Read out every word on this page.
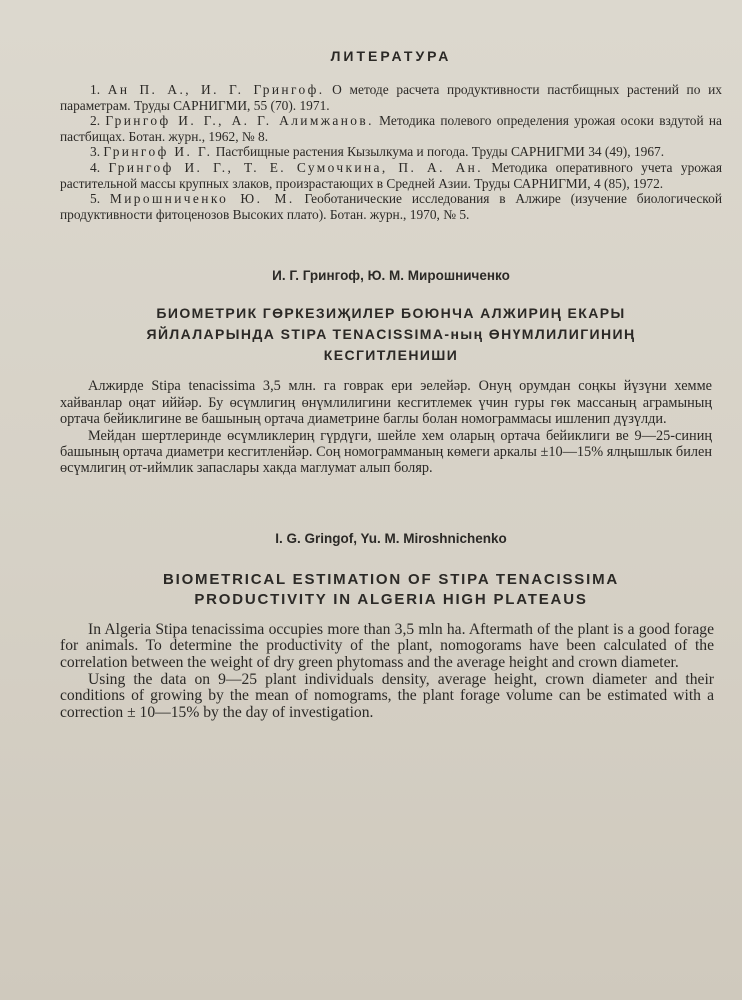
ЛИТЕРАТУРА
1. Ан П. А., И. Г. Грингоф. О методе расчета продуктивности пастбищных растений по их параметрам. Труды САРНИГМИ, 55 (70). 1971.
2. Грингоф И. Г., А. Г. Алимжанов. Методика полевого определения урожая осоки вздутой на пастбищах. Ботан. журн., 1962, № 8.
3. Грингоф И. Г. Пастбищные растения Кызылкума и погода. Труды САРНИГМИ 34 (49), 1967.
4. Грингоф И. Г., Т. Е. Сумочкина, П. А. Ан. Методика оперативного учета урожая растительной массы крупных злаков, произрастающих в Средней Азии. Труды САРНИГМИ, 4 (85), 1972.
5. Мирошниченко Ю. М. Геоботанические исследования в Алжире (изучение биологической продуктивности фитоценозов Высоких плато). Ботан. журн., 1970, № 5.

И. Г. Грингоф, Ю. М. Мирошниченко

БИОМЕТРИК ГӨРКЕЗИҖИЛЕР БОЮНЧА АЛЖИРИҢ ЕКАРЫ
ЯЙЛАЛАРЫНДА STIPA TENACISSIMA-ның ӨНҮМЛИЛИГИНИҢ
КЕСГИТЛЕНИШИ

Алжирде Stipa tenacissima 3,5 млн. га говрак ери эелейәр. Онуң орумдан соңкы йүзүни хемме хайванлар оңат иййәр. Бу өсүмлигиң өнүмлилигини кесгитлемек үчин гуры гөк массаның аграмының ортача бейиклигине ве башының ортача диаметрине баглы болан номограммасы ишленип дүзүлди.

Мейдан шертлеринде өсүмликлериң гүрдүги, шейле хем оларың ортача бейиклиги ве 9—25-синиң башының ортача диаметри кесгитленйәр. Соң номограмманың көмеги аркалы ±10—15% ялңышлык билен өсүмлигиң от-иймлик запаслары хакда маглумат алып боляр.

I. G. Gringof, Yu. M. Miroshnichenko

BIOMETRICAL ESTIMATION OF STIPA TENACISSIMA
PRODUCTIVITY IN ALGERIA HIGH PLATEAUS

In Algeria Stipa tenacissima occupies more than 3,5 mln ha. Aftermath of the plant is a good forage for animals. To determine the productivity of the plant, nomogorams have been calculated of the correlation between the weight of dry green phytomass and the average height and crown diameter.

Using the data on 9—25 plant individuals density, average height, crown diameter and their conditions of growing by the mean of nomograms, the plant forage volume can be estimated with a correction ± 10—15% by the day of investigation.
